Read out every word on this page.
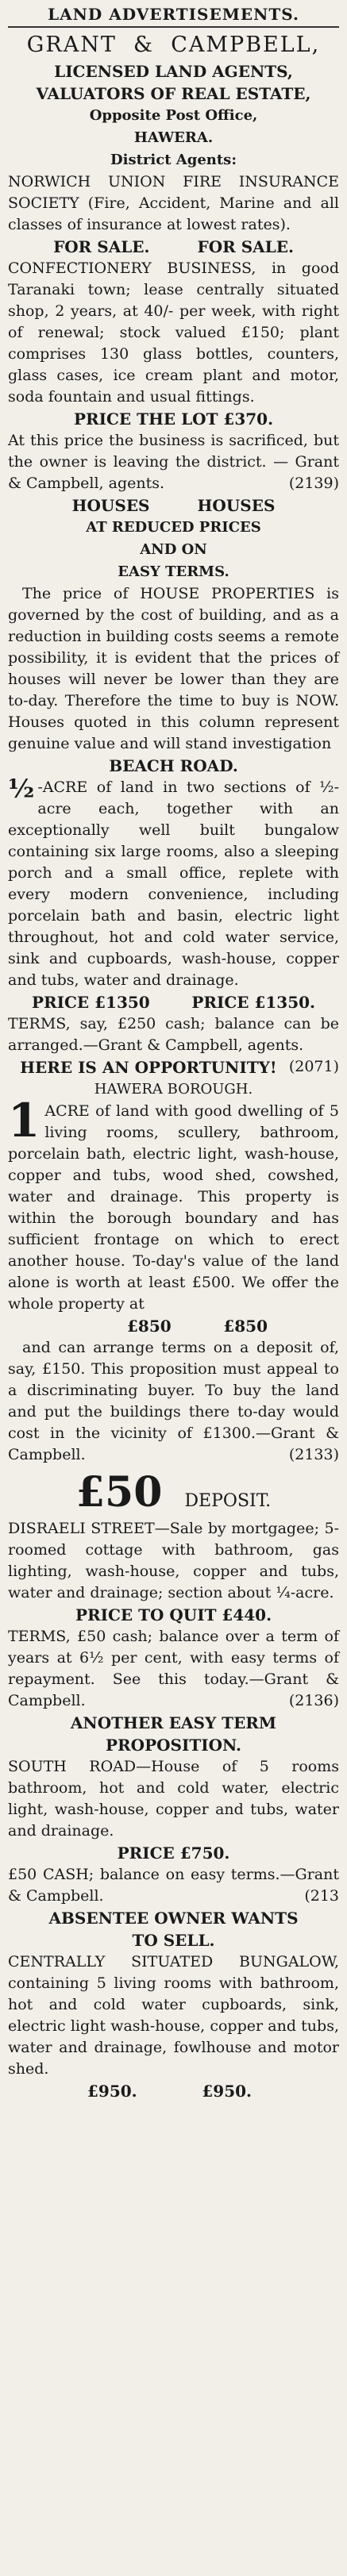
LAND ADVERTISEMENTS.
GRANT & CAMPBELL,
LICENSED LAND AGENTS,
VALUATORS OF REAL ESTATE,
Opposite Post Office,
HAWERA.
District Agents:

NORWICH UNION FIRE INSURANCE SOCIETY (Fire, Accident, Marine and all classes of insurance at lowest rates).

FOR SALE.	FOR SALE.

CONFECTIONERY BUSINESS, in good Taranaki town; lease centrally situated shop, 2 years, at 40/- per week, with right of renewal; stock valued £150; plant comprises 130 glass bottles, counters, glass cases, ice cream plant and motor, soda fountain and usual fittings.

PRICE THE LOT £370.

At this price the business is sacrificed, but the owner is leaving the district. — Grant & Campbell, agents.	(2139)

HOUSES	HOUSES
AT REDUCED PRICES
AND ON
EASY TERMS.

The price of HOUSE PROPERTIES is governed by the cost of building, and as a reduction in building costs seems a remote possibility, it is evident that the prices of houses will never be lower than they are to-day. Therefore the time to buy is NOW. Houses quoted in this column represent genuine value and will stand investigation

BEACH ROAD.

½ -ACRE of land in two sections of ½-acre each, together with an exceptionally well built bungalow containing six large rooms, also a sleeping porch and a small office, replete with every modern convenience, including porcelain bath and basin, electric light throughout, hot and cold water service, sink and cupboards, wash-house, copper and tubs, water and drainage.

PRICE £1350	PRICE £1350.

TERMS, say, £250 cash; balance can be arranged.—Grant & Campbell, agents.
(2071)

HERE IS AN OPPORTUNITY!
HAWERA BOROUGH.

1 ACRE of land with good dwelling of 5 living rooms, scullery, bathroom, porcelain bath, electric light, wash-house, copper and tubs, wood shed, cowshed, water and drainage. This property is within the borough boundary and has sufficient frontage on which to erect another house. To-day's value of the land alone is worth at least £500. We offer the whole property at

£850	£850

and can arrange terms on a deposit of, say, £150. This proposition must appeal to a discriminating buyer. To buy the land and put the buildings there to-day would cost in the vicinity of £1300.—Grant & Campbell.	(2133)

£50 DEPOSIT.

DISRAELI STREET—Sale by mortgagee; 5-roomed cottage with bathroom, gas lighting, wash-house, copper and tubs, water and drainage; section about ¼-acre.

PRICE TO QUIT £440.

TERMS, £50 cash; balance over a term of years at 6½ per cent, with easy terms of repayment. See this today.—Grant & Campbell.	(2136)

ANOTHER EASY TERM
PROPOSITION.

SOUTH ROAD—House of 5 rooms bathroom, hot and cold water, electric light, wash-house, copper and tubs, water and drainage.

PRICE £750.

£50 CASH; balance on easy terms.—Grant & Campbell.	(213

ABSENTEE OWNER WANTS
TO SELL.

CENTRALLY SITUATED BUNGALOW, containing 5 living rooms with bathroom, hot and cold water cupboards, sink, electric light wash-house, copper and tubs, water and drainage, fowlhouse and motor shed.

£950.	£950.
